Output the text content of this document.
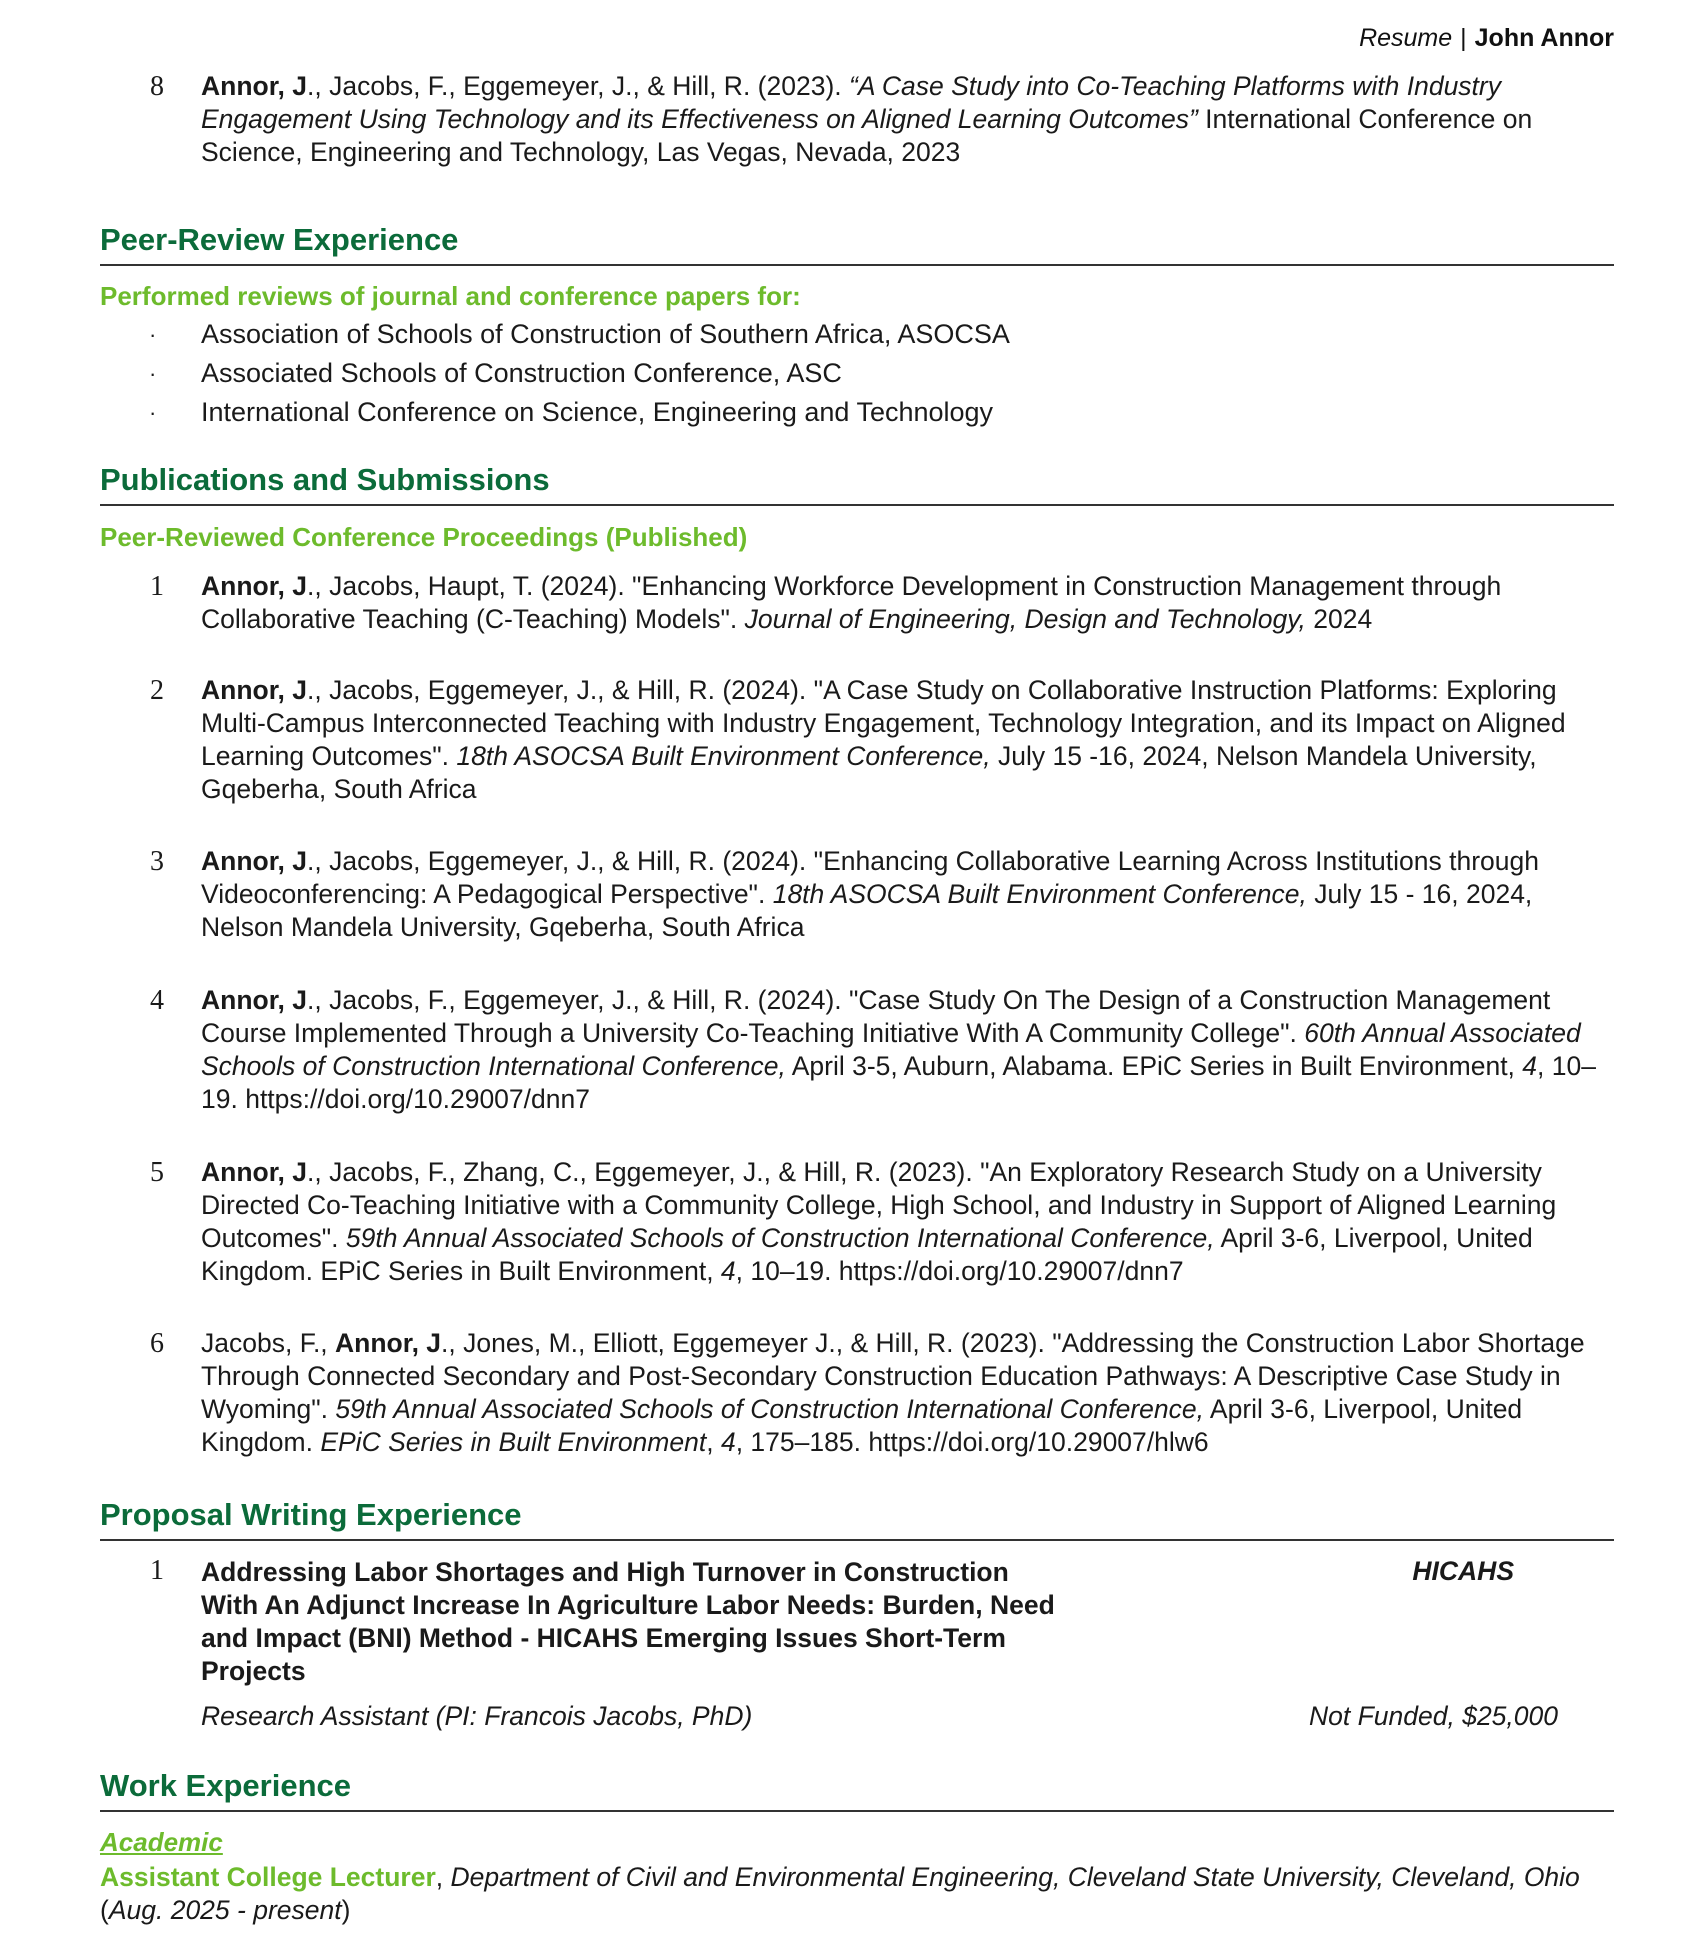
Resume | John Annor
8	Annor, J., Jacobs, F., Eggemeyer, J., & Hill, R. (2023). “A Case Study into Co-Teaching Platforms with Industry Engagement Using Technology and its Effectiveness on Aligned Learning Outcomes” International Conference on Science, Engineering and Technology, Las Vegas, Nevada, 2023
Peer-Review Experience
Performed reviews of journal and conference papers for:
· Association of Schools of Construction of Southern Africa, ASOCSA
· Associated Schools of Construction Conference, ASC
· International Conference on Science, Engineering and Technology
Publications and Submissions
Peer-Reviewed Conference Proceedings (Published)
1	Annor, J., Jacobs, Haupt, T. (2024). "Enhancing Workforce Development in Construction Management through Collaborative Teaching (C-Teaching) Models". Journal of Engineering, Design and Technology, 2024
2	Annor, J., Jacobs, Eggemeyer, J., & Hill, R. (2024). "A Case Study on Collaborative Instruction Platforms: Exploring Multi-Campus Interconnected Teaching with Industry Engagement, Technology Integration, and its Impact on Aligned Learning Outcomes". 18th ASOCSA Built Environment Conference, July 15 -16, 2024, Nelson Mandela University, Gqeberha, South Africa
3	Annor, J., Jacobs, Eggemeyer, J., & Hill, R. (2024). "Enhancing Collaborative Learning Across Institutions through Videoconferencing: A Pedagogical Perspective". 18th ASOCSA Built Environment Conference, July 15 - 16, 2024, Nelson Mandela University, Gqeberha, South Africa
4	Annor, J., Jacobs, F., Eggemeyer, J., & Hill, R. (2024). "Case Study On The Design of a Construction Management Course Implemented Through a University Co-Teaching Initiative With A Community College". 60th Annual Associated Schools of Construction International Conference, April 3-5, Auburn, Alabama. EPiC Series in Built Environment, 4, 10–19. https://doi.org/10.29007/dnn7
5	Annor, J., Jacobs, F., Zhang, C., Eggemeyer, J., & Hill, R. (2023). "An Exploratory Research Study on a University Directed Co-Teaching Initiative with a Community College, High School, and Industry in Support of Aligned Learning Outcomes". 59th Annual Associated Schools of Construction International Conference, April 3-6, Liverpool, United Kingdom. EPiC Series in Built Environment, 4, 10–19. https://doi.org/10.29007/dnn7
6	Jacobs, F., Annor, J., Jones, M., Elliott, Eggemeyer J., & Hill, R. (2023). "Addressing the Construction Labor Shortage Through Connected Secondary and Post-Secondary Construction Education Pathways: A Descriptive Case Study in Wyoming". 59th Annual Associated Schools of Construction International Conference, April 3-6, Liverpool, United Kingdom. EPiC Series in Built Environment, 4, 175–185. https://doi.org/10.29007/hlw6
Proposal Writing Experience
1	Addressing Labor Shortages and High Turnover in Construction With An Adjunct Increase In Agriculture Labor Needs: Burden, Need and Impact (BNI) Method - HICAHS Emerging Issues Short-Term Projects
HICAHS
Research Assistant (PI: Francois Jacobs, PhD)	Not Funded, $25,000
Work Experience
Academic
Assistant College Lecturer, Department of Civil and Environmental Engineering, Cleveland State University, Cleveland, Ohio
(Aug. 2025 - present)
